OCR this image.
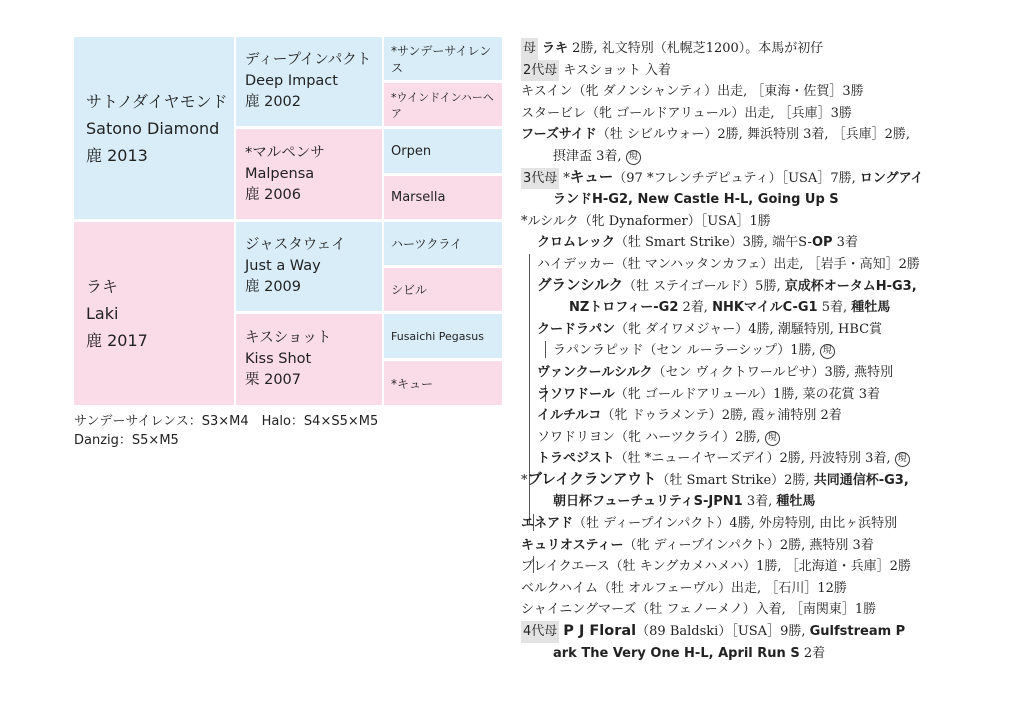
サトノダイヤモンド
Satono Diamond
鹿 2013
ラキ
Laki
鹿 2017
ディープインパクト
Deep Impact
鹿 2002
*マルペンサ
Malpensa
鹿 2006
ジャスタウェイ
Just a Way
鹿 2009
キスショット
Kiss Shot
栗 2007
*サンデーサイレンス
*ウインドインハーヘア
Orpen
Marsella
ハーツクライ
シビル
Fusaichi Pegasus
*キュー
サンデーサイレンス：S3×M4　Halo：S4×S5×M5
Danzig：S5×M5
母 ラキ 2勝, 礼文特別（札幌芝1200）。本馬が初仔
2代母 キスショット 入着
キスイン（牝 ダノンシャンティ）出走, ［東海・佐賀］3勝
スタービレ（牝 ゴールドアリュール）出走, ［兵庫］3勝
フーズサイド（牡 シビルウォー）2勝, 舞浜特別 3着, ［兵庫］2勝,
摂津盃 3着, 現
3代母 *キュー（97 *フレンチデピュティ）［USA］7勝, ロングアイ
ランドH-G2, New Castle H-L, Going Up S
*ルシルク（牝 Dynaformer）［USA］1勝
クロムレック（牡 Smart Strike）3勝, 端午S-OP 3着
ハイデッカー（牡 マンハッタンカフェ）出走, ［岩手・高知］2勝
グランシルク（牡 ステイゴールド）5勝, 京成杯オータムH-G3,
NZトロフィー-G2 2着, NHKマイルC-G1 5着, 種牡馬
クードラパン（牝 ダイワメジャー）4勝, 潮騒特別, HBC賞
ラパンラピッド（セン ルーラーシップ）1勝, 現
ヴァンクールシルク（セン ヴィクトワールピサ）3勝, 燕特別
ラソワドール（牝 ゴールドアリュール）1勝, 菜の花賞 3着
イルチルコ（牝 ドゥラメンテ）2勝, 霞ヶ浦特別 2着
ソワドリヨン（牝 ハーツクライ）2勝, 現
トラペジスト（牡 *ニューイヤーズデイ）2勝, 丹波特別 3着, 現
*ブレイクランアウト（牡 Smart Strike）2勝, 共同通信杯-G3,
朝日杯フューチュリティS-JPN1 3着, 種牡馬
エネアド（牡 ディープインパクト）4勝, 外房特別, 由比ヶ浜特別
キュリオスティー（牝 ディープインパクト）2勝, 燕特別 3着
ブレイクエース（牡 キングカメハメハ）1勝, ［北海道・兵庫］2勝
ベルクハイム（牡 オルフェーヴル）出走, ［石川］12勝
シャイニングマーズ（牡 フェノーメノ）入着, ［南関東］1勝
4代母 P J Floral（89 Baldski）［USA］9勝, Gulfstream P
ark The Very One H-L, April Run S 2着
